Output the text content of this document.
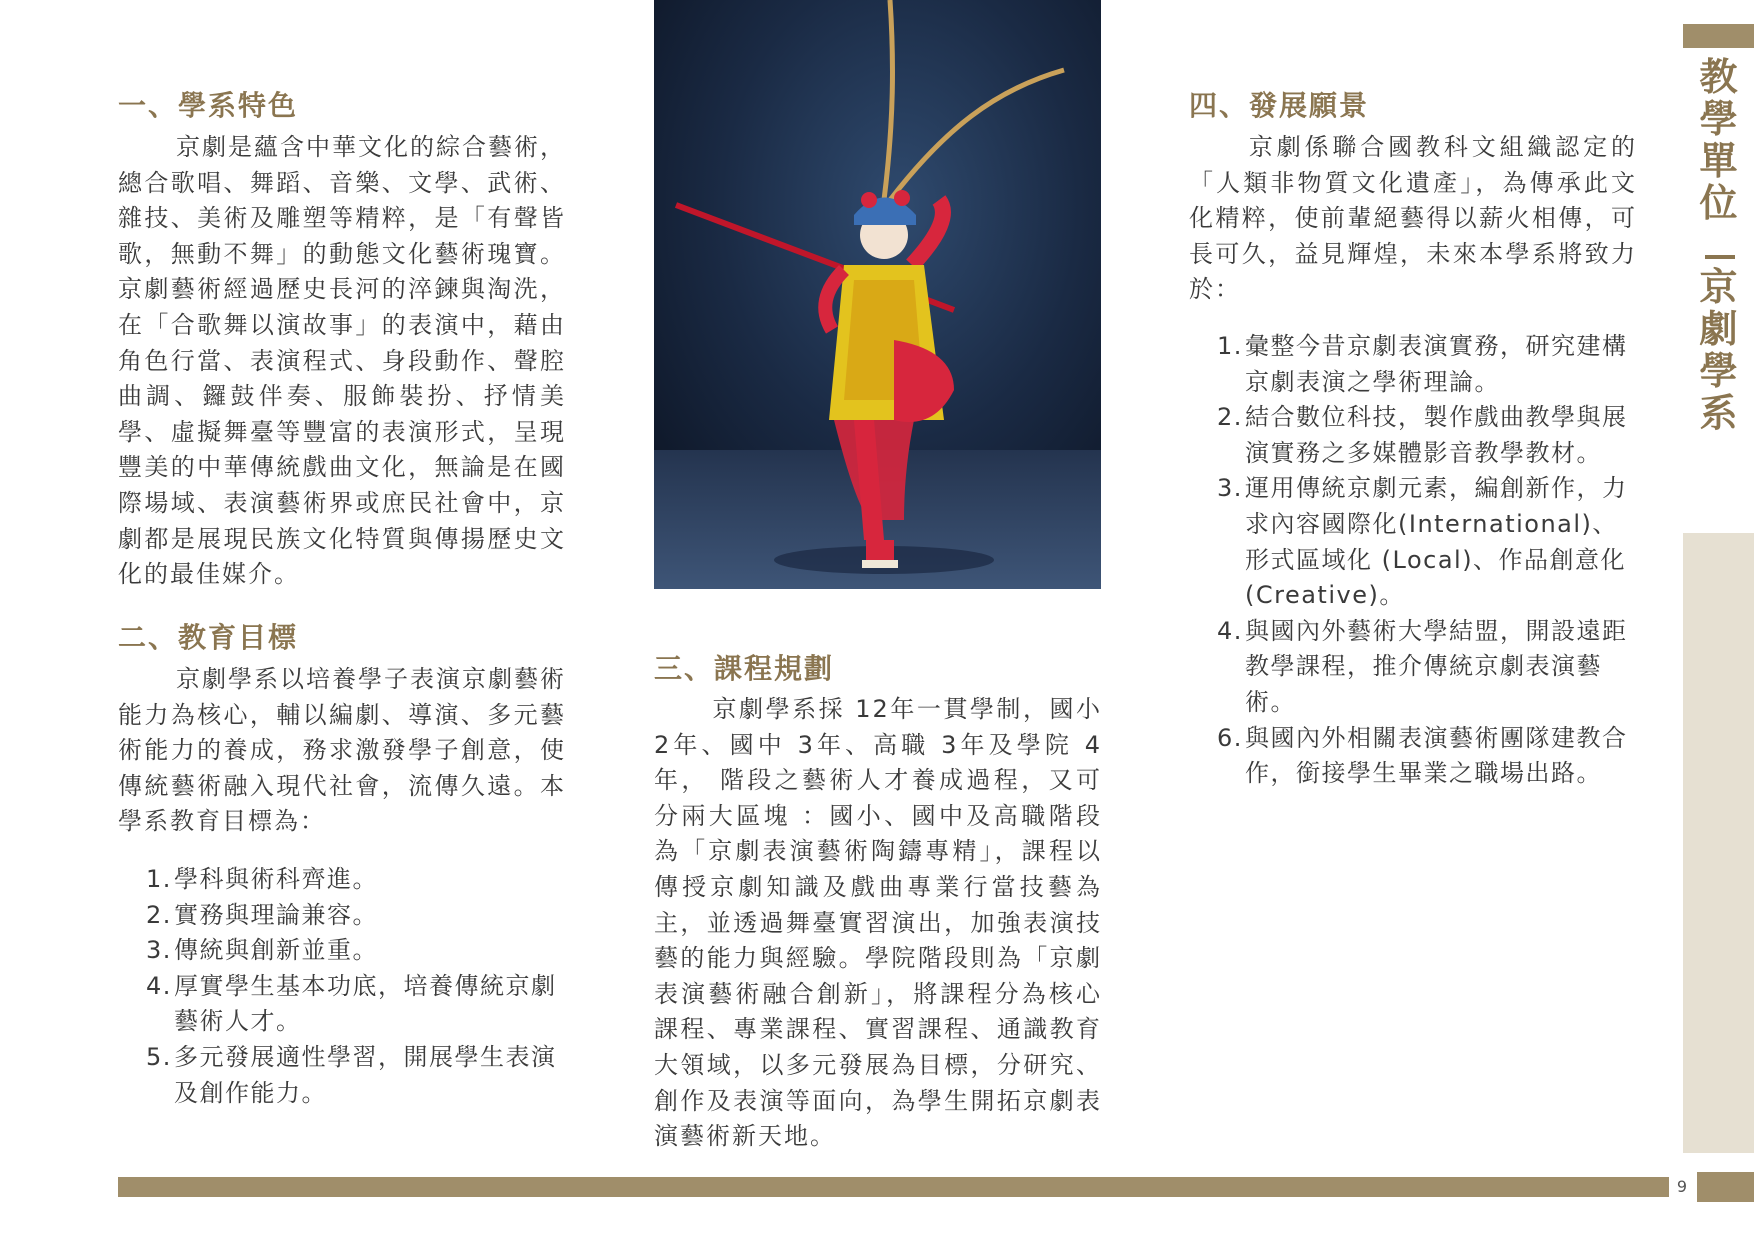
一、學系特色

京劇是蘊含中華文化的綜合藝術，總合歌唱、舞蹈、音樂、文學、武術、雜技、美術及雕塑等精粹，是「有聲皆歌，無動不舞」的動態文化藝術瑰寶。京劇藝術經過歷史長河的淬鍊與淘洗，在「合歌舞以演故事」的表演中，藉由角色行當、表演程式、身段動作、聲腔曲調、鑼鼓伴奏、服飾裝扮、抒情美學、虛擬舞臺等豐富的表演形式，呈現豐美的中華傳統戲曲文化，無論是在國際場域、表演藝術界或庶民社會中，京劇都是展現民族文化特質與傳揚歷史文化的最佳媒介。

二、教育目標

京劇學系以培養學子表演京劇藝術能力為核心，輔以編劇、導演、多元藝術能力的養成，務求激發學子創意，使傳統藝術融入現代社會，流傳久遠。本學系教育目標為：

1. 學科與術科齊進。
2. 實務與理論兼容。
3. 傳統與創新並重。
4. 厚實學生基本功底，培養傳統京劇藝術人才。
5. 多元發展適性學習，開展學生表演及創作能力。
三、課程規劃

京劇學系採 12年一貫學制，國小 2年、國中 3年、高職 3年及學院 4年， 階段之藝術人才養成過程，又可分兩大區塊 ：國小、國中及高職階段為「京劇表演藝術陶鑄專精」，課程以傳授京劇知識及戲曲專業行當技藝為主，並透過舞臺實習演出，加強表演技藝的能力與經驗。學院階段則為「京劇表演藝術融合創新」，將課程分為核心課程、專業課程、實習課程、通識教育 大領域，以多元發展為目標，分研究、創作及表演等面向，為學生開拓京劇表演藝術新天地。

四、發展願景

京劇係聯合國教科文組織認定的「人類非物質文化遺產」，為傳承此文化精粹，使前輩絕藝得以薪火相傳，可長可久，益見輝煌，未來本學系將致力於：

1. 彙整今昔京劇表演實務，研究建構京劇表演之學術理論。
2. 結合數位科技，製作戲曲教學與展演實務之多媒體影音教學教材。
3. 運用傳統京劇元素，編創新作，力求內容國際化(International)、形式區域化 (Local)、作品創意化(Creative)。
4. 與國內外藝術大學結盟，開設遠距教學課程，推介傳統京劇表演藝術。
6. 與國內外相關表演藝術團隊建教合作，銜接學生畢業之職場出路。
教
學
單
位
京
劇
學
系
9
